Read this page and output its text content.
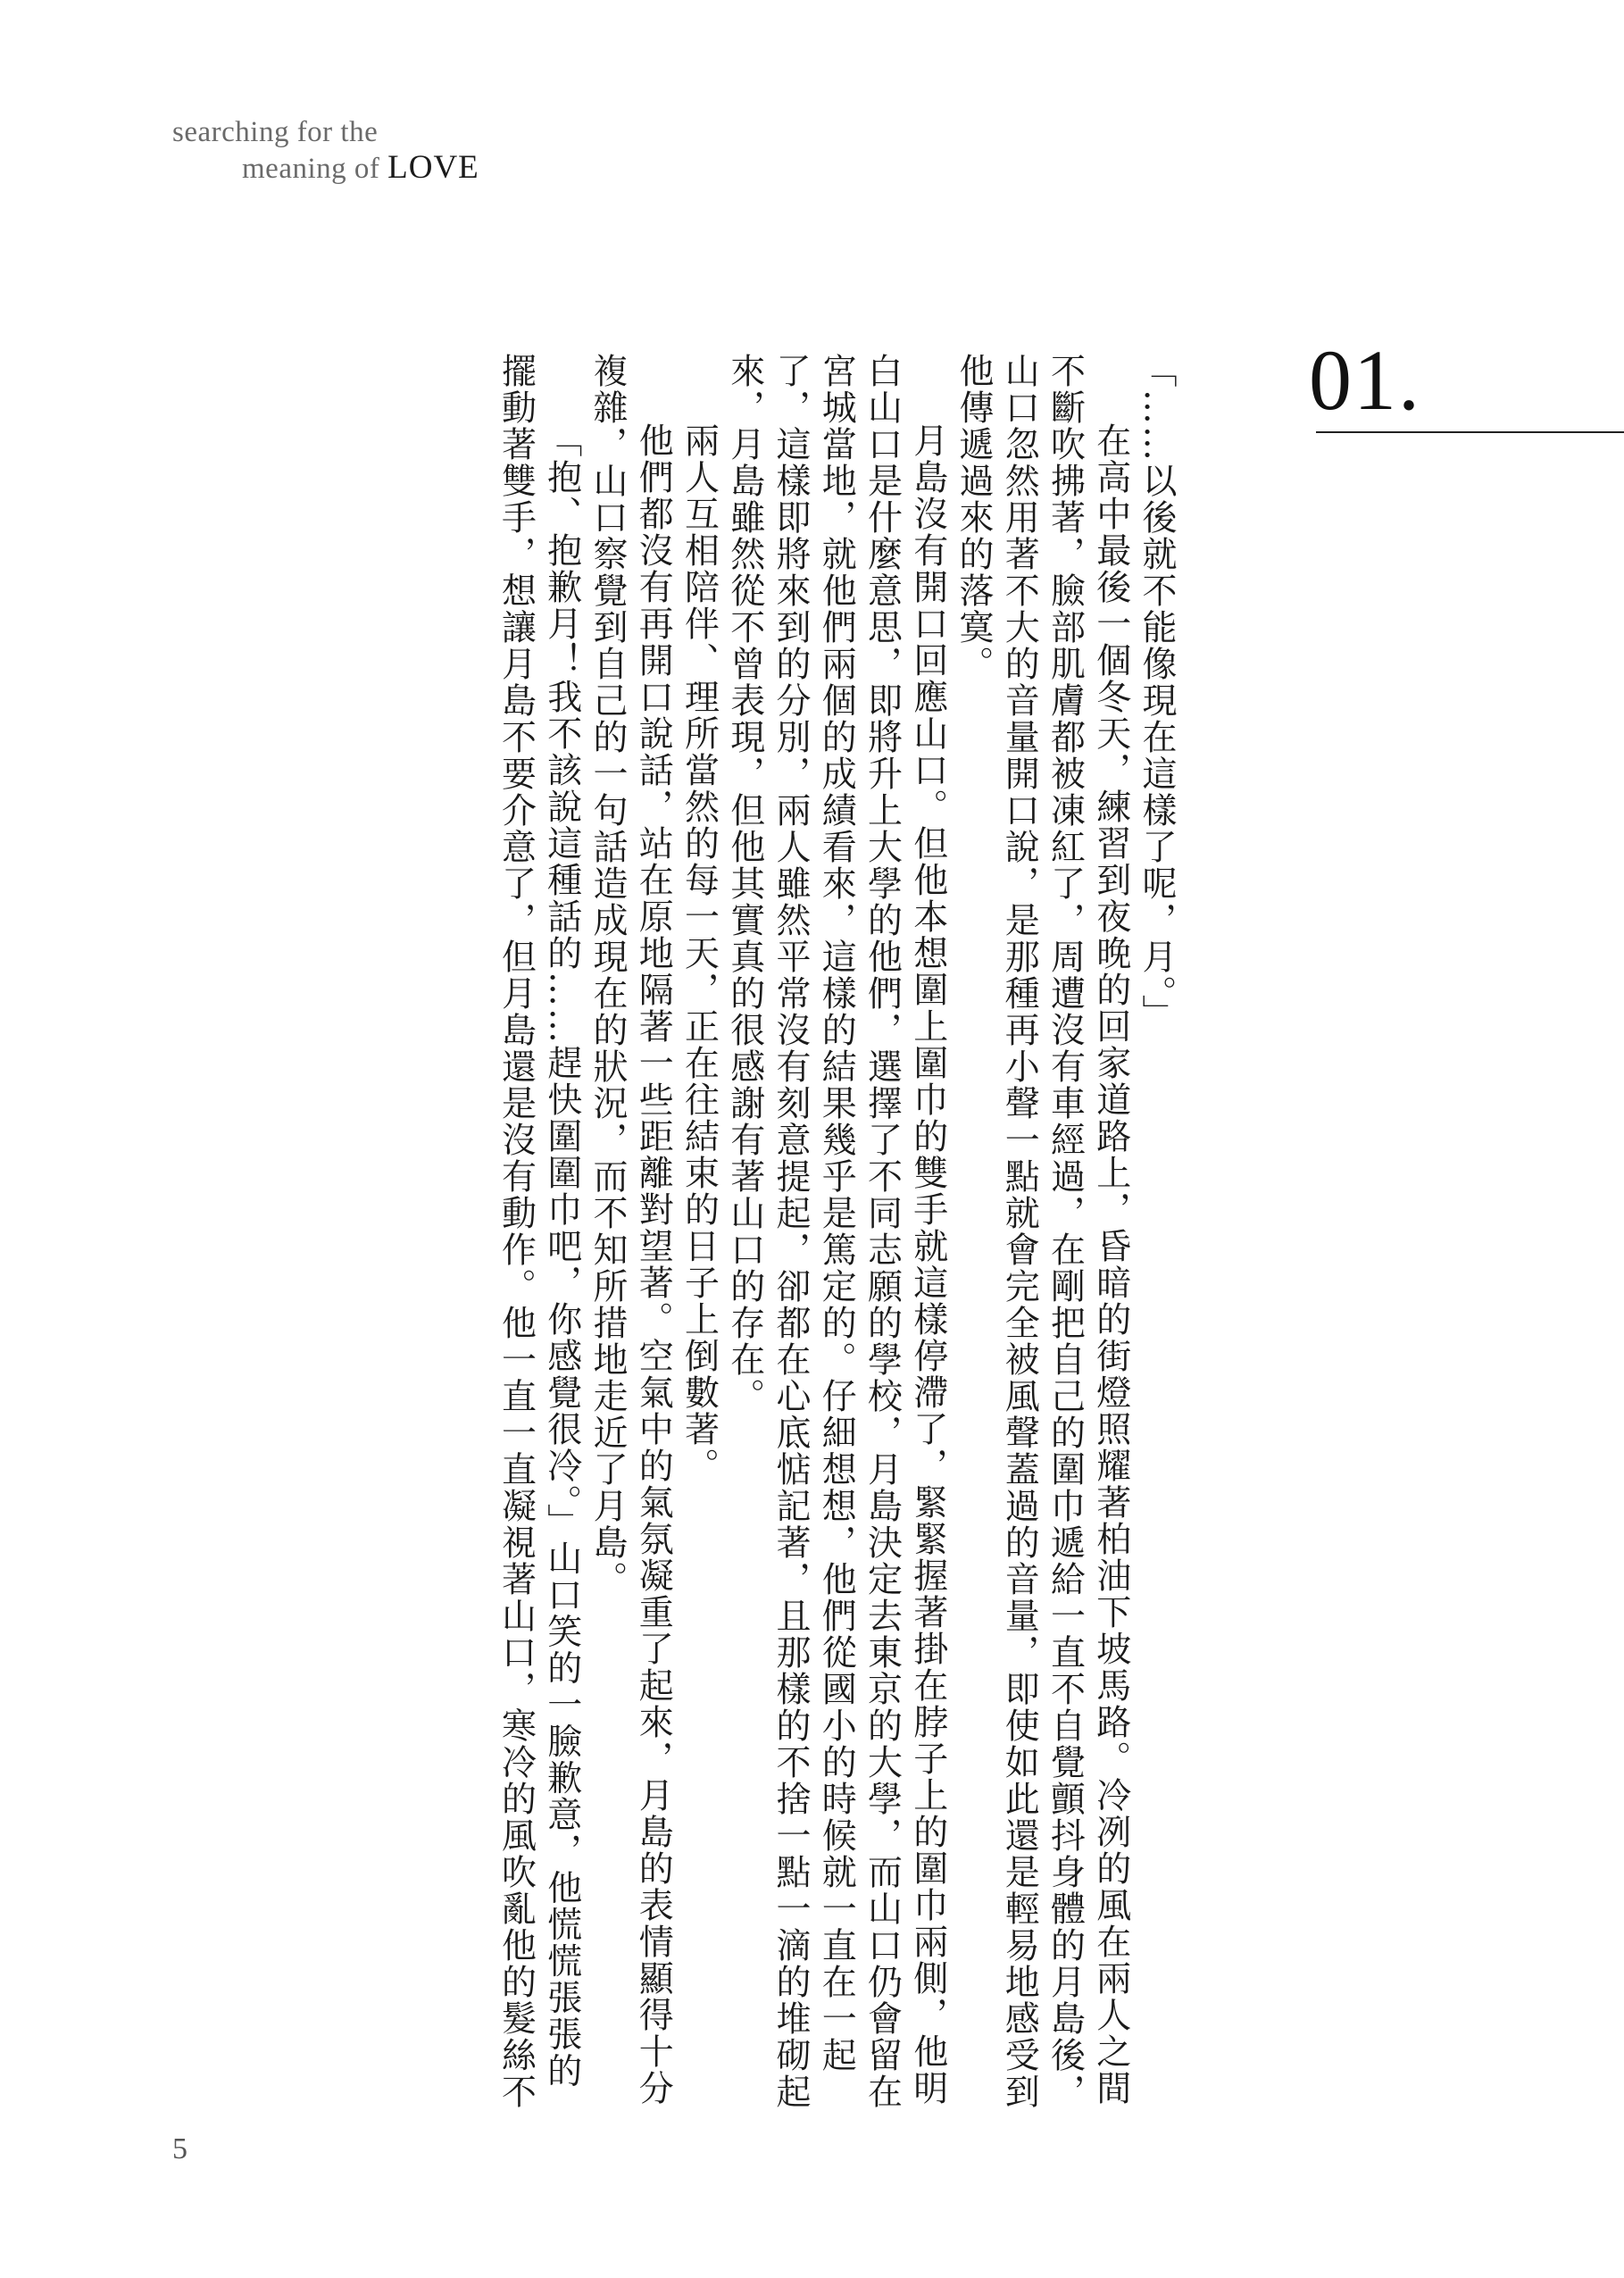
searching for the
meaning of LOVE
01.

「……以後就不能像現在這樣了呢，月。」

在高中最後一個冬天，練習到夜晚的回家道路上，昏暗的街燈照耀著柏油下坡馬路。冷冽的風在兩人之間不斷吹拂著，臉部肌膚都被凍紅了，周遭沒有車經過，在剛把自己的圍巾遞給一直不自覺顫抖身體的月島後，山口忽然用著不大的音量開口說，是那種再小聲一點就會完全被風聲蓋過的音量，即使如此還是輕易地感受到他傳遞過來的落寞。

月島沒有開口回應山口。但他本想圍上圍巾的雙手就這樣停滯了，緊緊握著掛在脖子上的圍巾兩側，他明白山口是什麼意思，即將升上大學的他們，選擇了不同志願的學校，月島決定去東京的大學，而山口仍會留在宮城當地，就他們兩個的成績看來，這樣的結果幾乎是篤定的。仔細想想，他們從國小的時候就一直在一起了，這樣即將來到的分別，兩人雖然平常沒有刻意提起，卻都在心底惦記著，且那樣的不捨一點一滴的堆砌起來，月島雖然從不曾表現，但他其實真的很感謝有著山口的存在。

兩人互相陪伴、理所當然的每一天，正在往結束的日子上倒數著。

他們都沒有再開口說話，站在原地隔著一些距離對望著。空氣中的氣氛凝重了起來，月島的表情顯得十分複雜，山口察覺到自己的一句話造成現在的狀況，而不知所措地走近了月島。

「抱、抱歉月！我不該說這種話的……趕快圍圍巾吧，你感覺很冷。」山口笑的一臉歉意，他慌慌張張的擺動著雙手，想讓月島不要介意了，但月島還是沒有動作。他一直一直凝視著山口，寒冷的風吹亂他的髮絲不

5
